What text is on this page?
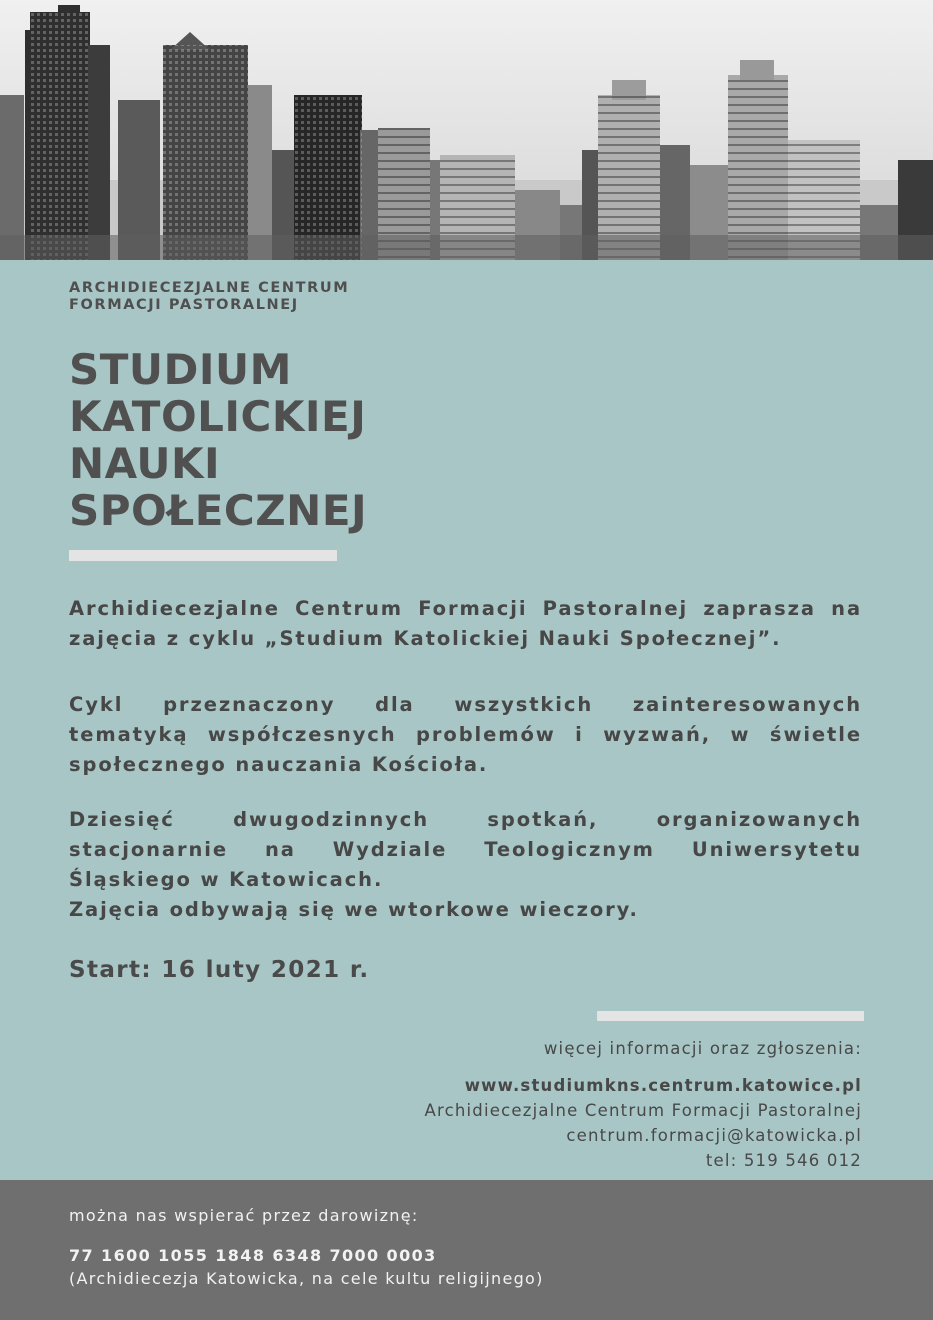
ARCHIDIECEZJALNE CENTRUM
FORMACJI PASTORALNEJ
STUDIUM
KATOLICKIEJ
NAUKI
SPOŁECZNEJ
Archidiecezjalne Centrum Formacji Pastoralnej zaprasza na zajęcia z cyklu „Studium Katolickiej Nauki Społecznej”.
Cykl przeznaczony dla wszystkich zainteresowanych tematyką współczesnych problemów i wyzwań, w świetle społecznego nauczania Kościoła.
Dziesięć dwugodzinnych spotkań, organizowanych stacjonarnie na Wydziale Teologicznym Uniwersytetu Śląskiego w Katowicach.
Zajęcia odbywają się we wtorkowe wieczory.
Start: 16 luty 2021 r.
więcej informacji oraz zgłoszenia:
www.studiumkns.centrum.katowice.pl
Archidiecezjalne Centrum Formacji Pastoralnej
centrum.formacji@katowicka.pl
tel: 519 546 012
można nas wspierać przez darowiznę:
77 1600 1055 1848 6348 7000 0003
(Archidiecezja Katowicka, na cele kultu religijnego)
